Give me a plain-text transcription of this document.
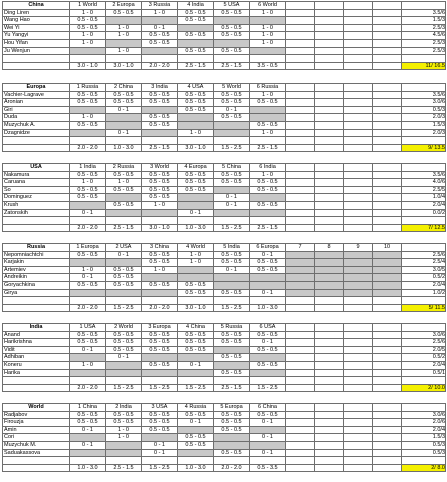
China	1 World	2 Europa	3 Russia	4 India	5 USA	6 World					
Ding Liren	1 - 0	0.5 - 0.5	1 - 0	0.5 - 0.5	0.5 - 0.5	1 - 0					3.5/6
Wang Hao	0.5 - 0.5			0.5 - 0.5							1.5/3
Wei Yi	0.5 - 0.5	1 - 0	0 - 1		0.5 - 0.5	1 - 0					2.5/3
Yu Yangyi	1 - 0	1 - 0	0.5 - 0.5	0.5 - 0.5	0.5 - 0.5	1 - 0					4.5/6
Hou Yifan	1 - 0		0.5 - 0.5			1 - 0					2.5/3
Ju Wenjun		1 - 0		0.5 - 0.5	0.5 - 0.5						2.5/3

	3.0 - 1.0	3.0 - 1.0	2.0 - 2.0	2.5 - 1.5	2.5 - 1.5	3.5 - 0.5					11/ 16.5
Europa	1 Russia	2 China	3 India	4 USA	5 World	6 Russia					
Vachier-Lagrave	0.5 - 0.5	0.5 - 0.5	0.5 - 0.5	0.5 - 0.5	0.5 - 0.5	1 - 0					3.5/6
Aronian	0.5 - 0.5	0.5 - 0.5	0.5 - 0.5	0.5 - 0.5	0.5 - 0.5	0.5 - 0.5					3.0/6
Giri		0 - 1		0.5 - 0.5	0 - 1						0.5/3
Duda	1 - 0		0.5 - 0.5		0.5 - 0.5						2.0/3
Muzychuk A.	0.5 - 0.5		0.5 - 0.5			0.5 - 0.5					1.5/3
Dzagnidze		0 - 1		1 - 0		1 - 0					2.0/3

	2.0 - 2.0	1.0 - 3.0	2.5 - 1.5	3.0 - 1.0	1.5 - 2.5	2.5 - 1.5					9/ 13.5
USA	1 India	2 Russia	3 World	4 Europa	5 China	6 India					
Nakamura	0.5 - 0.5	0.5 - 0.5	0.5 - 0.5	0.5 - 0.5	0.5 - 0.5	1 - 0					3.5/6
Caruana	1 - 0	1 - 0	0.5 - 0.5	0.5 - 0.5	0.5 - 0.5	0.5 - 0.5					4.0/6
So	0.5 - 0.5	0.5 - 0.5	0.5 - 0.5	0.5 - 0.5		0.5 - 0.5					2.5/5
Dominguez	0.5 - 0.5		0.5 - 0.5		0 - 1						1.0/4
Krush		0.5 - 0.5	1 - 0		0 - 1	0.5 - 0.5					2.0/4
Zatonskih	0 - 1			0 - 1							0.0/2

	2.0 - 2.0	2.5 - 1.5	3.0 - 1.0	1.0 - 3.0	1.5 - 2.5	2.5 - 1.5					7/ 12.5
Russia	1 Europa	2 USA	3 China	4 World	5 India	6 Europa	7	8	9	10	
Nepomniachtchi	0.5 - 0.5	0 - 1	0.5 - 0.5	1 - 0	0.5 - 0.5	0 - 1					2.5/6
Karjakin			0.5 - 0.5	1 - 0	0.5 - 0.5	0.5 - 0.5					2.5/4
Artemiev	1 - 0	0.5 - 0.5	1 - 0		0 - 1	0.5 - 0.5					3.0/5
Andreikin	0 - 1	0.5 - 0.5									0.5/2
Goryachkina	0.5 - 0.5	0.5 - 0.5	0.5 - 0.5	0.5 - 0.5							2.0/4
Girya				0.5 - 0.5	0.5 - 0.5	0 - 1					1.0/2

	2.0 - 2.0	1.5 - 2.5	2.0 - 2.0	3.0 - 1.0	1.5 - 2.5	1.0 - 3.0					5/ 11.5
India	1 USA	2 World	3 Europa	4 China	5 Russia	6 USA					
Anand	0.5 - 0.5	0.5 - 0.5	0.5 - 0.5	0.5 - 0.5	0.5 - 0.5	0.5 - 0.5					3.0/6
Harikrishna	0.5 - 0.5	0.5 - 0.5	0.5 - 0.5	0.5 - 0.5	0.5 - 0.5	0 - 1					2.5/6
Vidit	0 - 1	0.5 - 0.5	0.5 - 0.5	0.5 - 0.5		0.5 - 0.5					2.0/5
Adhiban		0 - 1			0.5 - 0.5						0.5/2
Koneru	1 - 0		0.5 - 0.5	0 - 1		0.5 - 0.5					2.0/4
Harika					0.5 - 0.5						0.5/1

	2.0 - 2.0	1.5 - 2.5	1.5 - 2.5	1.5 - 2.5	2.5 - 1.5	1.5 - 2.5					2/ 10.0
World	1 China	2 India	3 USA	4 Russia	5 Europa	6 China					
Radjabov	0.5 - 0.5	0.5 - 0.5	0.5 - 0.5	0.5 - 0.5	0.5 - 0.5	0.5 - 0.5					3.0/6
Firouzja	0.5 - 0.5	0.5 - 0.5	0.5 - 0.5	0 - 1	0.5 - 0.5	0 - 1					2.0/6
Amin	0 - 1	1 - 0	0.5 - 0.5		0.5 - 0.5						2.0/4
Cori		1 - 0		0.5 - 0.5		0 - 1					1.5/3
Muzychuk M.	0 - 1		0 - 1	0.5 - 0.5							0.5/3
Saduakassova			0 - 1		0.5 - 0.5	0 - 1					0.5/3

	1.0 - 3.0	2.5 - 1.5	1.5 - 2.5	1.0 - 3.0	2.0 - 2.0	0.5 - 3.5					2/ 8.0
